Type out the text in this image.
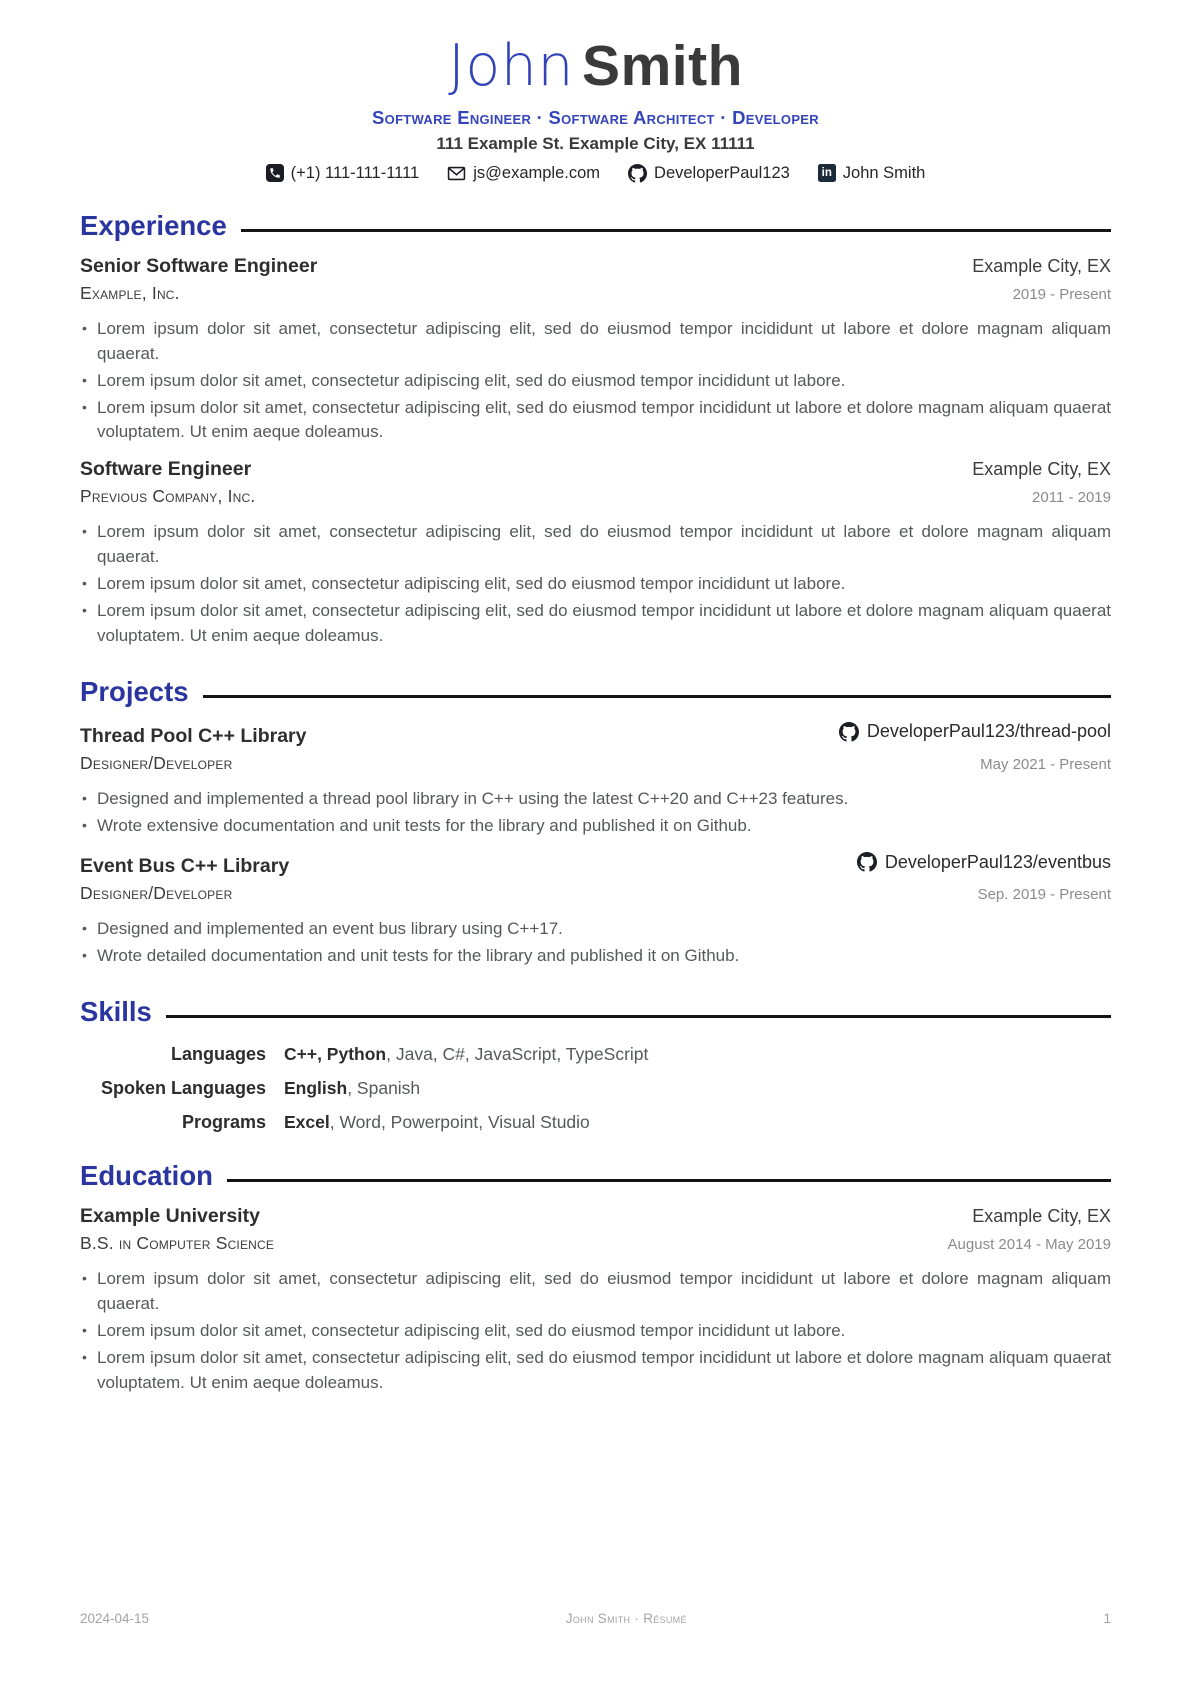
John Smith
Software Engineer · Software Architect · Developer
111 Example St. Example City, EX 11111
(+1) 111-111-1111	js@example.com	DeveloperPaul123	in John Smith
Experience
Senior Software Engineer	Example City, EX
Example, Inc.	2019 - Present
• Lorem ipsum dolor sit amet, consectetur adipiscing elit, sed do eiusmod tempor incididunt ut labore et dolore magnam aliquam quaerat.
• Lorem ipsum dolor sit amet, consectetur adipiscing elit, sed do eiusmod tempor incididunt ut labore.
• Lorem ipsum dolor sit amet, consectetur adipiscing elit, sed do eiusmod tempor incididunt ut labore et dolore magnam aliquam quaerat voluptatem. Ut enim aeque doleamus.
Software Engineer	Example City, EX
Previous Company, Inc.	2011 - 2019
• Lorem ipsum dolor sit amet, consectetur adipiscing elit, sed do eiusmod tempor incididunt ut labore et dolore magnam aliquam quaerat.
• Lorem ipsum dolor sit amet, consectetur adipiscing elit, sed do eiusmod tempor incididunt ut labore.
• Lorem ipsum dolor sit amet, consectetur adipiscing elit, sed do eiusmod tempor incididunt ut labore et dolore magnam aliquam quaerat voluptatem. Ut enim aeque doleamus.
Projects
Thread Pool C++ Library	DeveloperPaul123/thread-pool
Designer/Developer	May 2021 - Present
• Designed and implemented a thread pool library in C++ using the latest C++20 and C++23 features.
• Wrote extensive documentation and unit tests for the library and published it on Github.
Event Bus C++ Library	DeveloperPaul123/eventbus
Designer/Developer	Sep. 2019 - Present
• Designed and implemented an event bus library using C++17.
• Wrote detailed documentation and unit tests for the library and published it on Github.
Skills
Languages C++, Python, Java, C#, JavaScript, TypeScript
Spoken Languages English, Spanish
Programs Excel, Word, Powerpoint, Visual Studio
Education
Example University	Example City, EX
B.S. in Computer Science	August 2014 - May 2019
• Lorem ipsum dolor sit amet, consectetur adipiscing elit, sed do eiusmod tempor incididunt ut labore et dolore magnam aliquam quaerat.
• Lorem ipsum dolor sit amet, consectetur adipiscing elit, sed do eiusmod tempor incididunt ut labore.
• Lorem ipsum dolor sit amet, consectetur adipiscing elit, sed do eiusmod tempor incididunt ut labore et dolore magnam aliquam quaerat voluptatem. Ut enim aeque doleamus.
2024-04-15	John Smith · Résumé	1
